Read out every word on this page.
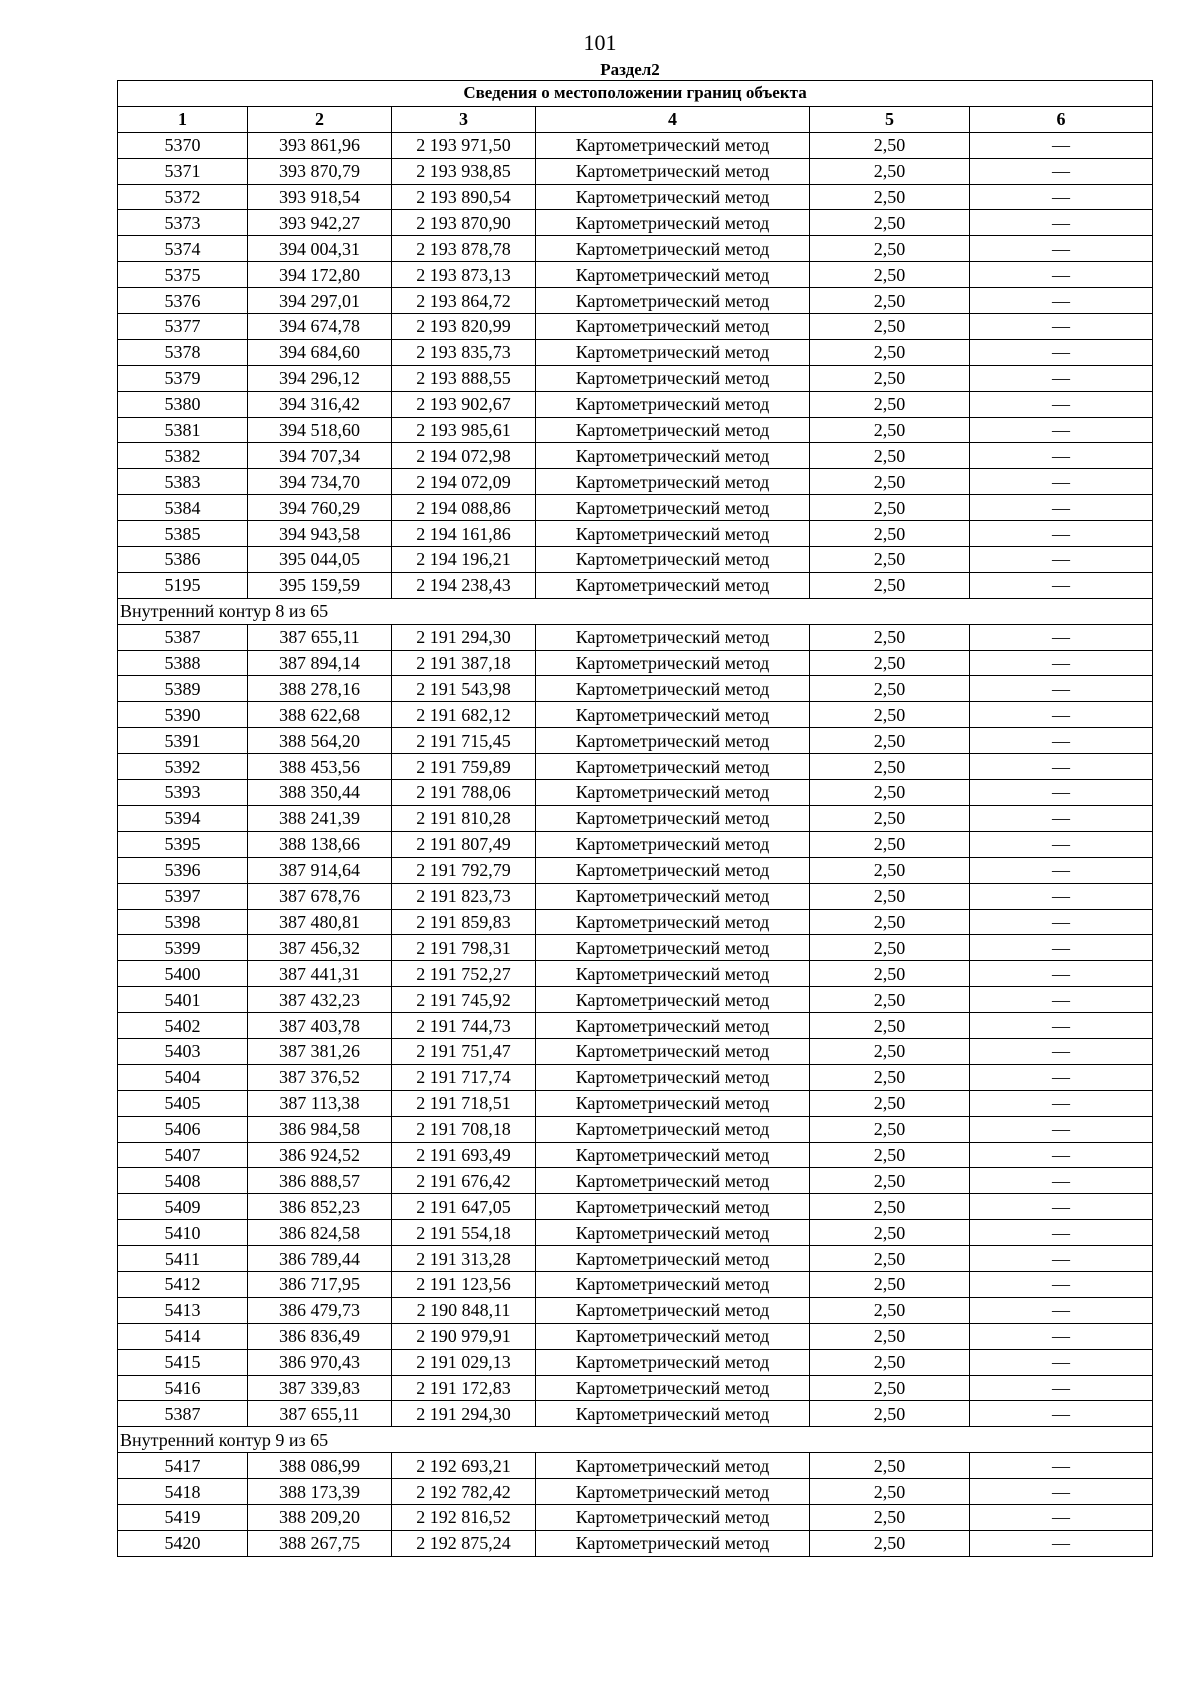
101
Раздел2
Сведения о местоположении границ объекта					
1	2	3	4	5	6
5370	393 861,96	2 193 971,50	Картометрический метод	2,50	—
5371	393 870,79	2 193 938,85	Картометрический метод	2,50	—
5372	393 918,54	2 193 890,54	Картометрический метод	2,50	—
5373	393 942,27	2 193 870,90	Картометрический метод	2,50	—
5374	394 004,31	2 193 878,78	Картометрический метод	2,50	—
5375	394 172,80	2 193 873,13	Картометрический метод	2,50	—
5376	394 297,01	2 193 864,72	Картометрический метод	2,50	—
5377	394 674,78	2 193 820,99	Картометрический метод	2,50	—
5378	394 684,60	2 193 835,73	Картометрический метод	2,50	—
5379	394 296,12	2 193 888,55	Картометрический метод	2,50	—
5380	394 316,42	2 193 902,67	Картометрический метод	2,50	—
5381	394 518,60	2 193 985,61	Картометрический метод	2,50	—
5382	394 707,34	2 194 072,98	Картометрический метод	2,50	—
5383	394 734,70	2 194 072,09	Картометрический метод	2,50	—
5384	394 760,29	2 194 088,86	Картометрический метод	2,50	—
5385	394 943,58	2 194 161,86	Картометрический метод	2,50	—
5386	395 044,05	2 194 196,21	Картометрический метод	2,50	—
5195	395 159,59	2 194 238,43	Картометрический метод	2,50	—
Внутренний контур 8 из 65					
5387	387 655,11	2 191 294,30	Картометрический метод	2,50	—
5388	387 894,14	2 191 387,18	Картометрический метод	2,50	—
5389	388 278,16	2 191 543,98	Картометрический метод	2,50	—
5390	388 622,68	2 191 682,12	Картометрический метод	2,50	—
5391	388 564,20	2 191 715,45	Картометрический метод	2,50	—
5392	388 453,56	2 191 759,89	Картометрический метод	2,50	—
5393	388 350,44	2 191 788,06	Картометрический метод	2,50	—
5394	388 241,39	2 191 810,28	Картометрический метод	2,50	—
5395	388 138,66	2 191 807,49	Картометрический метод	2,50	—
5396	387 914,64	2 191 792,79	Картометрический метод	2,50	—
5397	387 678,76	2 191 823,73	Картометрический метод	2,50	—
5398	387 480,81	2 191 859,83	Картометрический метод	2,50	—
5399	387 456,32	2 191 798,31	Картометрический метод	2,50	—
5400	387 441,31	2 191 752,27	Картометрический метод	2,50	—
5401	387 432,23	2 191 745,92	Картометрический метод	2,50	—
5402	387 403,78	2 191 744,73	Картометрический метод	2,50	—
5403	387 381,26	2 191 751,47	Картометрический метод	2,50	—
5404	387 376,52	2 191 717,74	Картометрический метод	2,50	—
5405	387 113,38	2 191 718,51	Картометрический метод	2,50	—
5406	386 984,58	2 191 708,18	Картометрический метод	2,50	—
5407	386 924,52	2 191 693,49	Картометрический метод	2,50	—
5408	386 888,57	2 191 676,42	Картометрический метод	2,50	—
5409	386 852,23	2 191 647,05	Картометрический метод	2,50	—
5410	386 824,58	2 191 554,18	Картометрический метод	2,50	—
5411	386 789,44	2 191 313,28	Картометрический метод	2,50	—
5412	386 717,95	2 191 123,56	Картометрический метод	2,50	—
5413	386 479,73	2 190 848,11	Картометрический метод	2,50	—
5414	386 836,49	2 190 979,91	Картометрический метод	2,50	—
5415	386 970,43	2 191 029,13	Картометрический метод	2,50	—
5416	387 339,83	2 191 172,83	Картометрический метод	2,50	—
5387	387 655,11	2 191 294,30	Картометрический метод	2,50	—
Внутренний контур 9 из 65					
5417	388 086,99	2 192 693,21	Картометрический метод	2,50	—
5418	388 173,39	2 192 782,42	Картометрический метод	2,50	—
5419	388 209,20	2 192 816,52	Картометрический метод	2,50	—
5420	388 267,75	2 192 875,24	Картометрический метод	2,50	—
